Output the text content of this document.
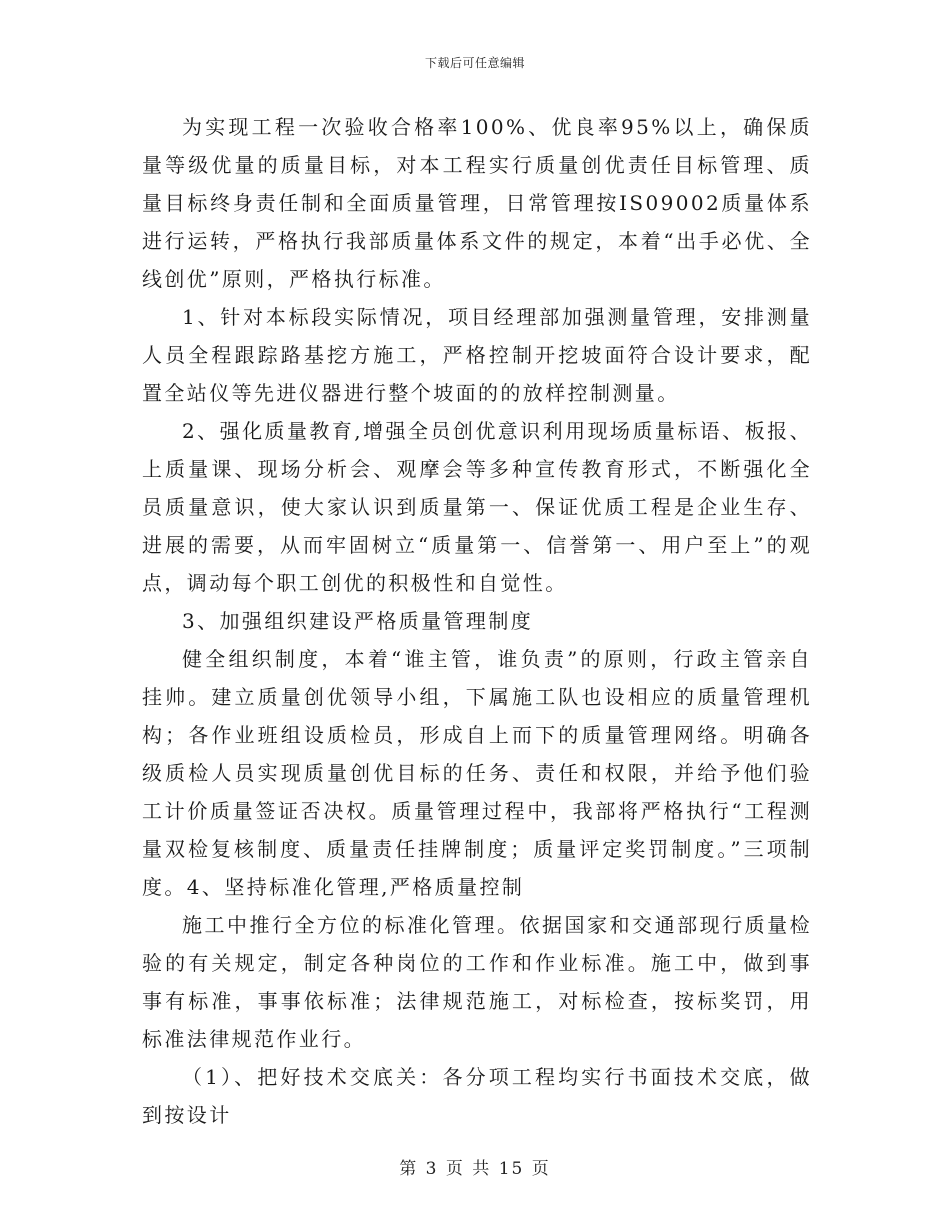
下载后可任意编辑

为实现工程一次验收合格率100%、优良率95%以上，确保质量等级优量的质量目标，对本工程实行质量创优责任目标管理、质量目标终身责任制和全面质量管理，日常管理按IS09002质量体系进行运转，严格执行我部质量体系文件的规定，本着“出手必优、全线创优”原则，严格执行标准。

1、针对本标段实际情况，项目经理部加强测量管理，安排测量人员全程跟踪路基挖方施工，严格控制开挖坡面符合设计要求，配置全站仪等先进仪器进行整个坡面的的放样控制测量。

2、强化质量教育,增强全员创优意识利用现场质量标语、板报、上质量课、现场分析会、观摩会等多种宣传教育形式，不断强化全员质量意识，使大家认识到质量第一、保证优质工程是企业生存、进展的需要，从而牢固树立“质量第一、信誉第一、用户至上”的观点，调动每个职工创优的积极性和自觉性。

3、加强组织建设严格质量管理制度

健全组织制度，本着“谁主管，谁负责”的原则，行政主管亲自挂帅。建立质量创优领导小组，下属施工队也设相应的质量管理机构；各作业班组设质检员，形成自上而下的质量管理网络。明确各级质检人员实现质量创优目标的任务、责任和权限，并给予他们验工计价质量签证否决权。质量管理过程中，我部将严格执行“工程测量双检复核制度、质量责任挂牌制度；质量评定奖罚制度。”三项制度。4、坚持标准化管理,严格质量控制

施工中推行全方位的标准化管理。依据国家和交通部现行质量检验的有关规定，制定各种岗位的工作和作业标准。施工中，做到事事有标准，事事依标准；法律规范施工，对标检查，按标奖罚，用标准法律规范作业行。

（1）、把好技术交底关：各分项工程均实行书面技术交底，做到按设计

第 3 页 共 15 页
